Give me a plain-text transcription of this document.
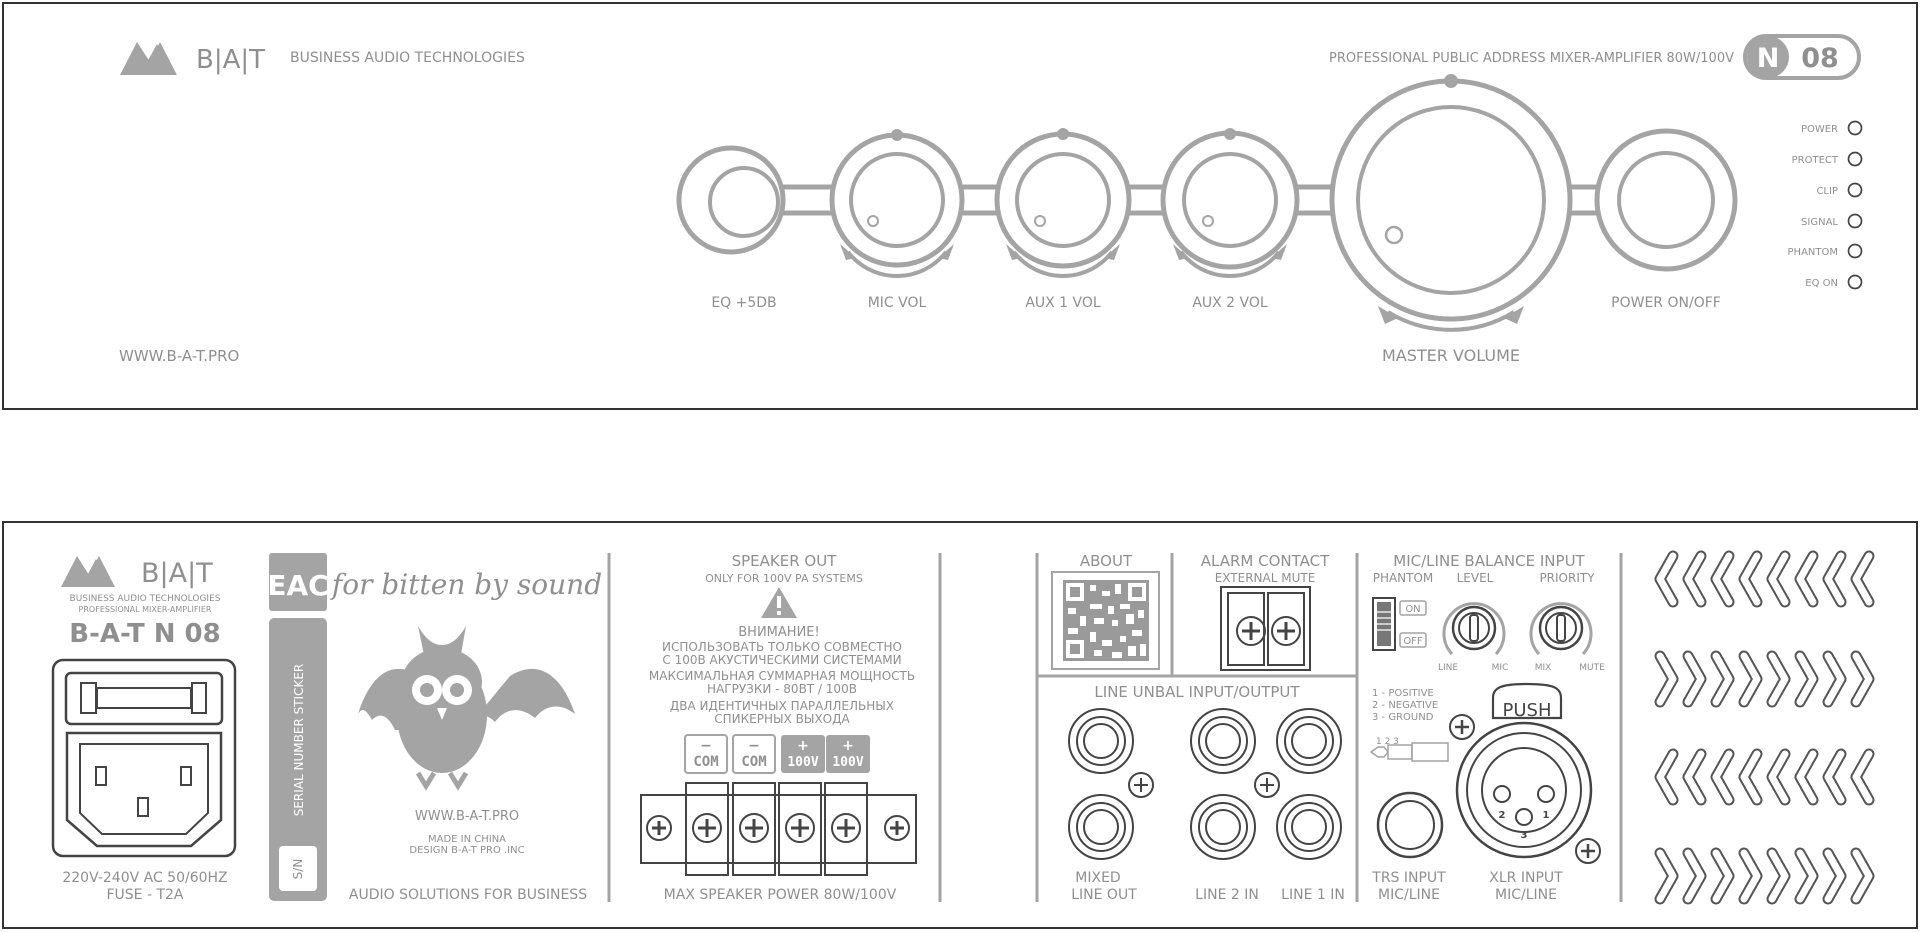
B|A|T BUSINESS AUDIO TECHNOLOGIES
WWW.B-A-T.PRO
PROFESSIONAL PUBLIC ADDRESS MIXER-AMPLIFIER 80W/100V N 08
EQ +5DB	MIC VOL	AUX 1 VOL	AUX 2 VOL
MASTER VOLUME
POWER ON/OFF
POWER
PROTECT
CLIP
SIGNAL
PHANTOM
EQ ON
B|A|T
BUSINESS AUDIO TECHNOLOGIES
PROFESSIONAL MIXER-AMPLIFIER
B-A-T N 08
220V-240V AC 50/60HZ
FUSE - T2A
EAC
SERIAL NUMBER STICKER
S/N
for bitten by sound
WWW.B-A-T.PRO
MADE IN CHINA
DESIGN B-A-T PRO .INC
AUDIO SOLUTIONS FOR BUSINESS
SPEAKER OUT
ONLY FOR 100V PA SYSTEMS
ВНИМАНИЕ!
ИСПОЛЬЗОВАТЬ ТОЛЬКО СОВМЕСТНО
С 100В АКУСТИЧЕСКИМИ СИСТЕМАМИ
МАКСИМАЛЬНАЯ СУММАРНАЯ МОЩНОСТЬ
НАГРУЗКИ - 80ВТ / 100В
ДВА ИДЕНТИЧНЫХ ПАРАЛЛЕЛЬНЫХ
СПИКЕРНЫХ ВЫХОДА
−
COM
−
COM
+
100V
+
100V
MAX SPEAKER POWER 80W/100V
ABOUT	ALARM CONTACT
EXTERNAL MUTE
LINE UNBAL INPUT/OUTPUT
MIXED
LINE OUT	LINE 2 IN LINE 1 IN
MIC/LINE BALANCE INPUT
PHANTOM LEVEL	PRIORITY
ON
OFF
LINE	MIC	MIX	MUTE
1 - POSITIVE
2 - NEGATIVE
3 - GROUND
1 2 3
PUSH
2	1
3
TRS INPUT
MIC/LINE
XLR INPUT
MIC/LINE
